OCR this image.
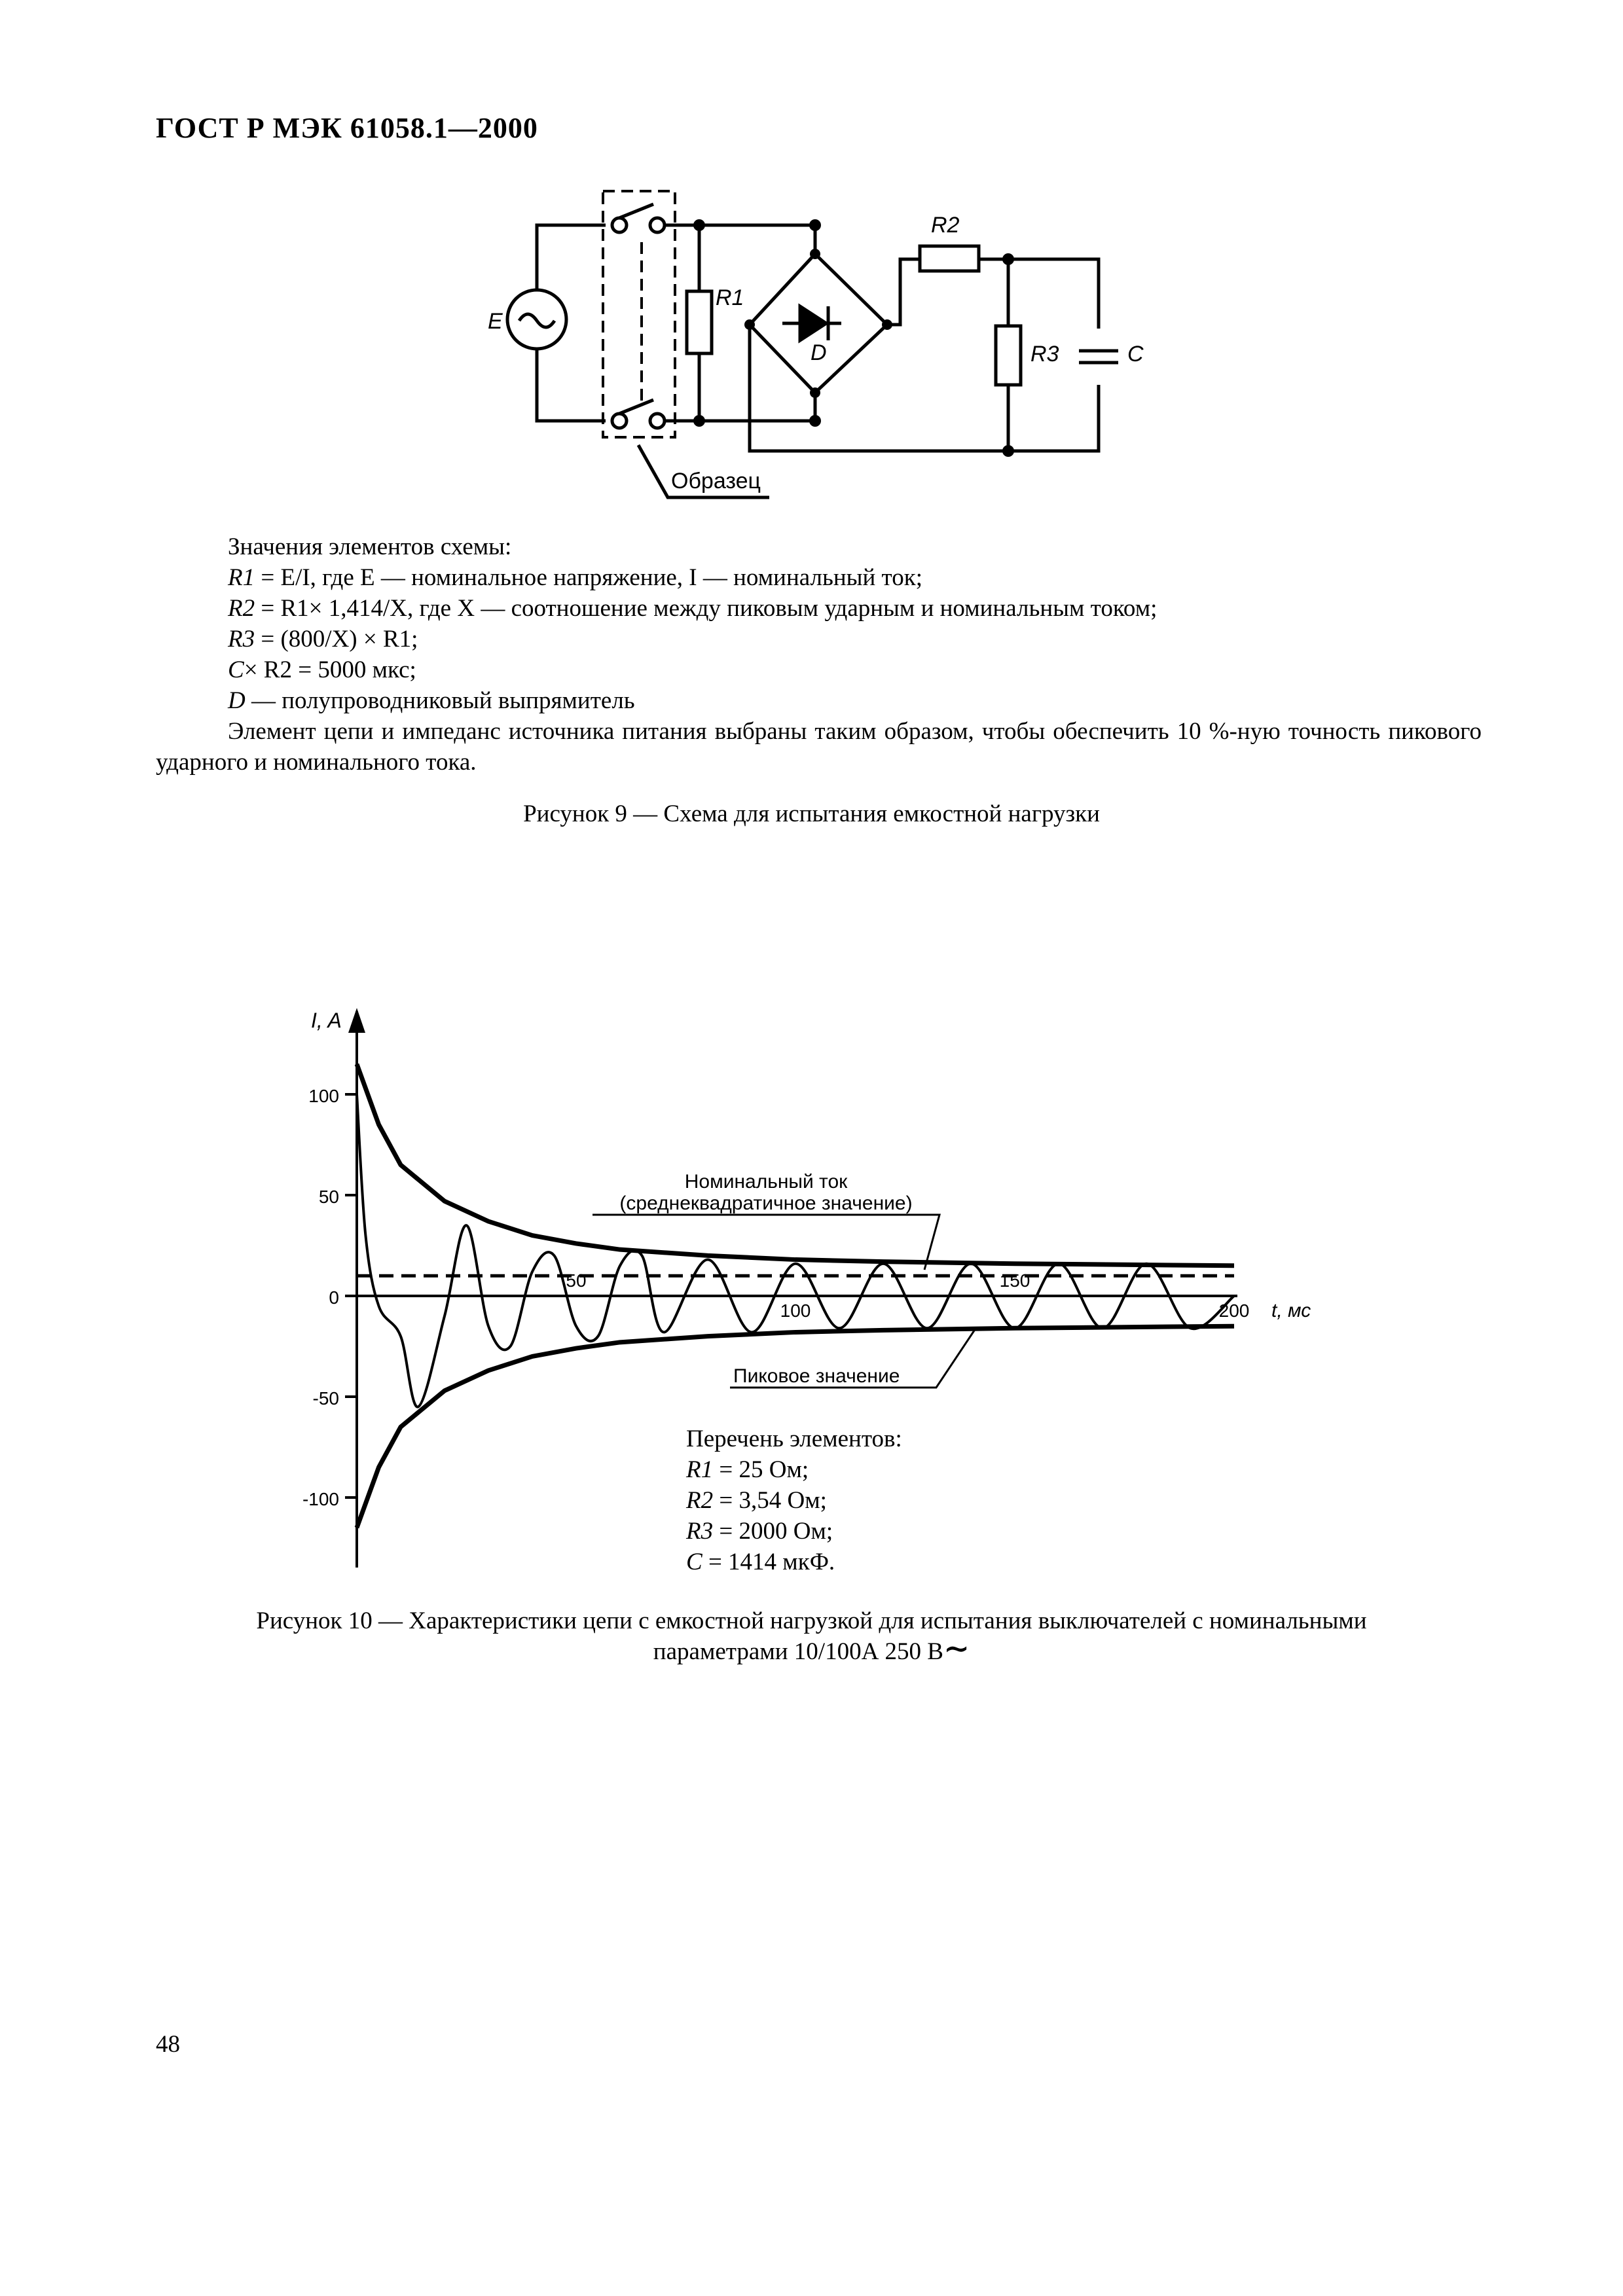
ГОСТ Р МЭК 61058.1—2000
E
R1
D
R2
R3	C
Образец
Значения элементов схемы:
R1 = E/I, где E — номинальное напряжение, I — номинальный ток;
R2 = R1× 1,414/X, где X — соотношение между пиковым ударным и номинальным током;
R3 = (800/X) × R1;
C× R2 = 5000 мкс;
D — полупроводниковый выпрямитель
Элемент цепи и импеданс источника питания выбраны таким образом, чтобы обеспечить 10 %-ную точность пикового ударного и номинального тока.
Рисунок 9 — Схема для испытания емкостной нагрузки
100
50
0
-50
-100
50
100
150
200
I, A
t, мс
Номинальный ток
(среднеквадратичное значение)
Пиковое значение
Перечень элементов:
R1 = 25 Ом;
R2 = 3,54 Ом;
R3 = 2000 Ом;
C = 1414 мкФ.
Рисунок 10 — Характеристики цепи с емкостной нагрузкой для испытания выключателей с номинальными
параметрами 10/100А 250 В∼
48
